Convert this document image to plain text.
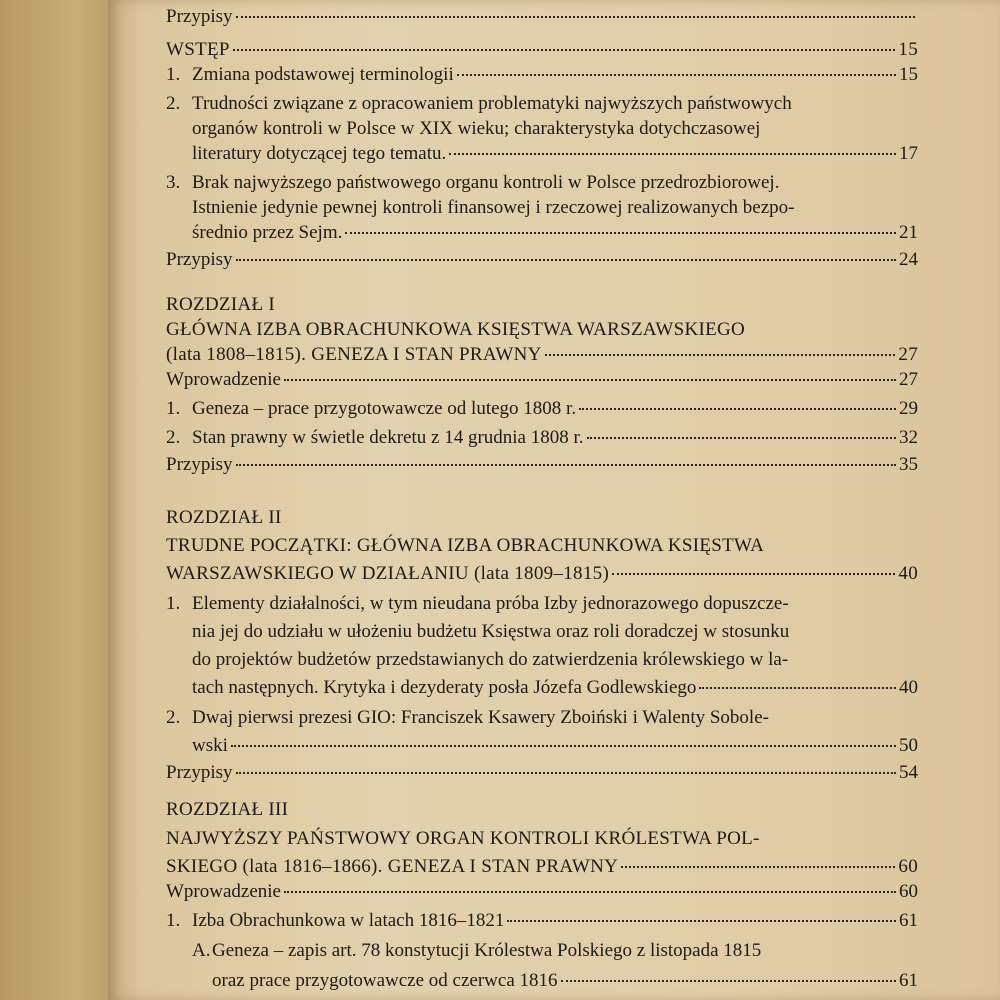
Przypisy
WSTĘP	15
1. Zmiana podstawowej terminologii	15
2. Trudności związane z opracowaniem problematyki najwyższych państwowych
organów kontroli w Polsce w XIX wieku; charakterystyka dotychczasowej
literatury dotyczącej tego tematu.	17
3. Brak najwyższego państwowego organu kontroli w Polsce przedrozbiorowej.
Istnienie jedynie pewnej kontroli finansowej i rzeczowej realizowanych bezpo-
średnio przez Sejm.	21
Przypisy	24
ROZDZIAŁ I
GŁÓWNA IZBA OBRACHUNKOWA KSIĘSTWA WARSZAWSKIEGO
(lata 1808–1815). GENEZA I STAN PRAWNY	27
Wprowadzenie	27
1. Geneza – prace przygotowawcze od lutego 1808 r.	29
2. Stan prawny w świetle dekretu z 14 grudnia 1808 r.	32
Przypisy	35
ROZDZIAŁ II
TRUDNE POCZĄTKI: GŁÓWNA IZBA OBRACHUNKOWA KSIĘSTWA
WARSZAWSKIEGO W DZIAŁANIU (lata 1809–1815)	40
1. Elementy działalności, w tym nieudana próba Izby jednorazowego dopuszcze-
nia jej do udziału w ułożeniu budżetu Księstwa oraz roli doradczej w stosunku
do projektów budżetów przedstawianych do zatwierdzenia królewskiego w la-
tach następnych. Krytyka i dezyderaty posła Józefa Godlewskiego	40
2. Dwaj pierwsi prezesi GIO: Franciszek Ksawery Zboiński i Walenty Sobole-
wski	50
Przypisy	54
ROZDZIAŁ III
NAJWYŻSZY PAŃSTWOWY ORGAN KONTROLI KRÓLESTWA POL-
SKIEGO (lata 1816–1866). GENEZA I STAN PRAWNY	60
Wprowadzenie	60
1. Izba Obrachunkowa w latach 1816–1821	61
A.Geneza – zapis art. 78 konstytucji Królestwa Polskiego z listopada 1815
oraz prace przygotowawcze od czerwca 1816	61
